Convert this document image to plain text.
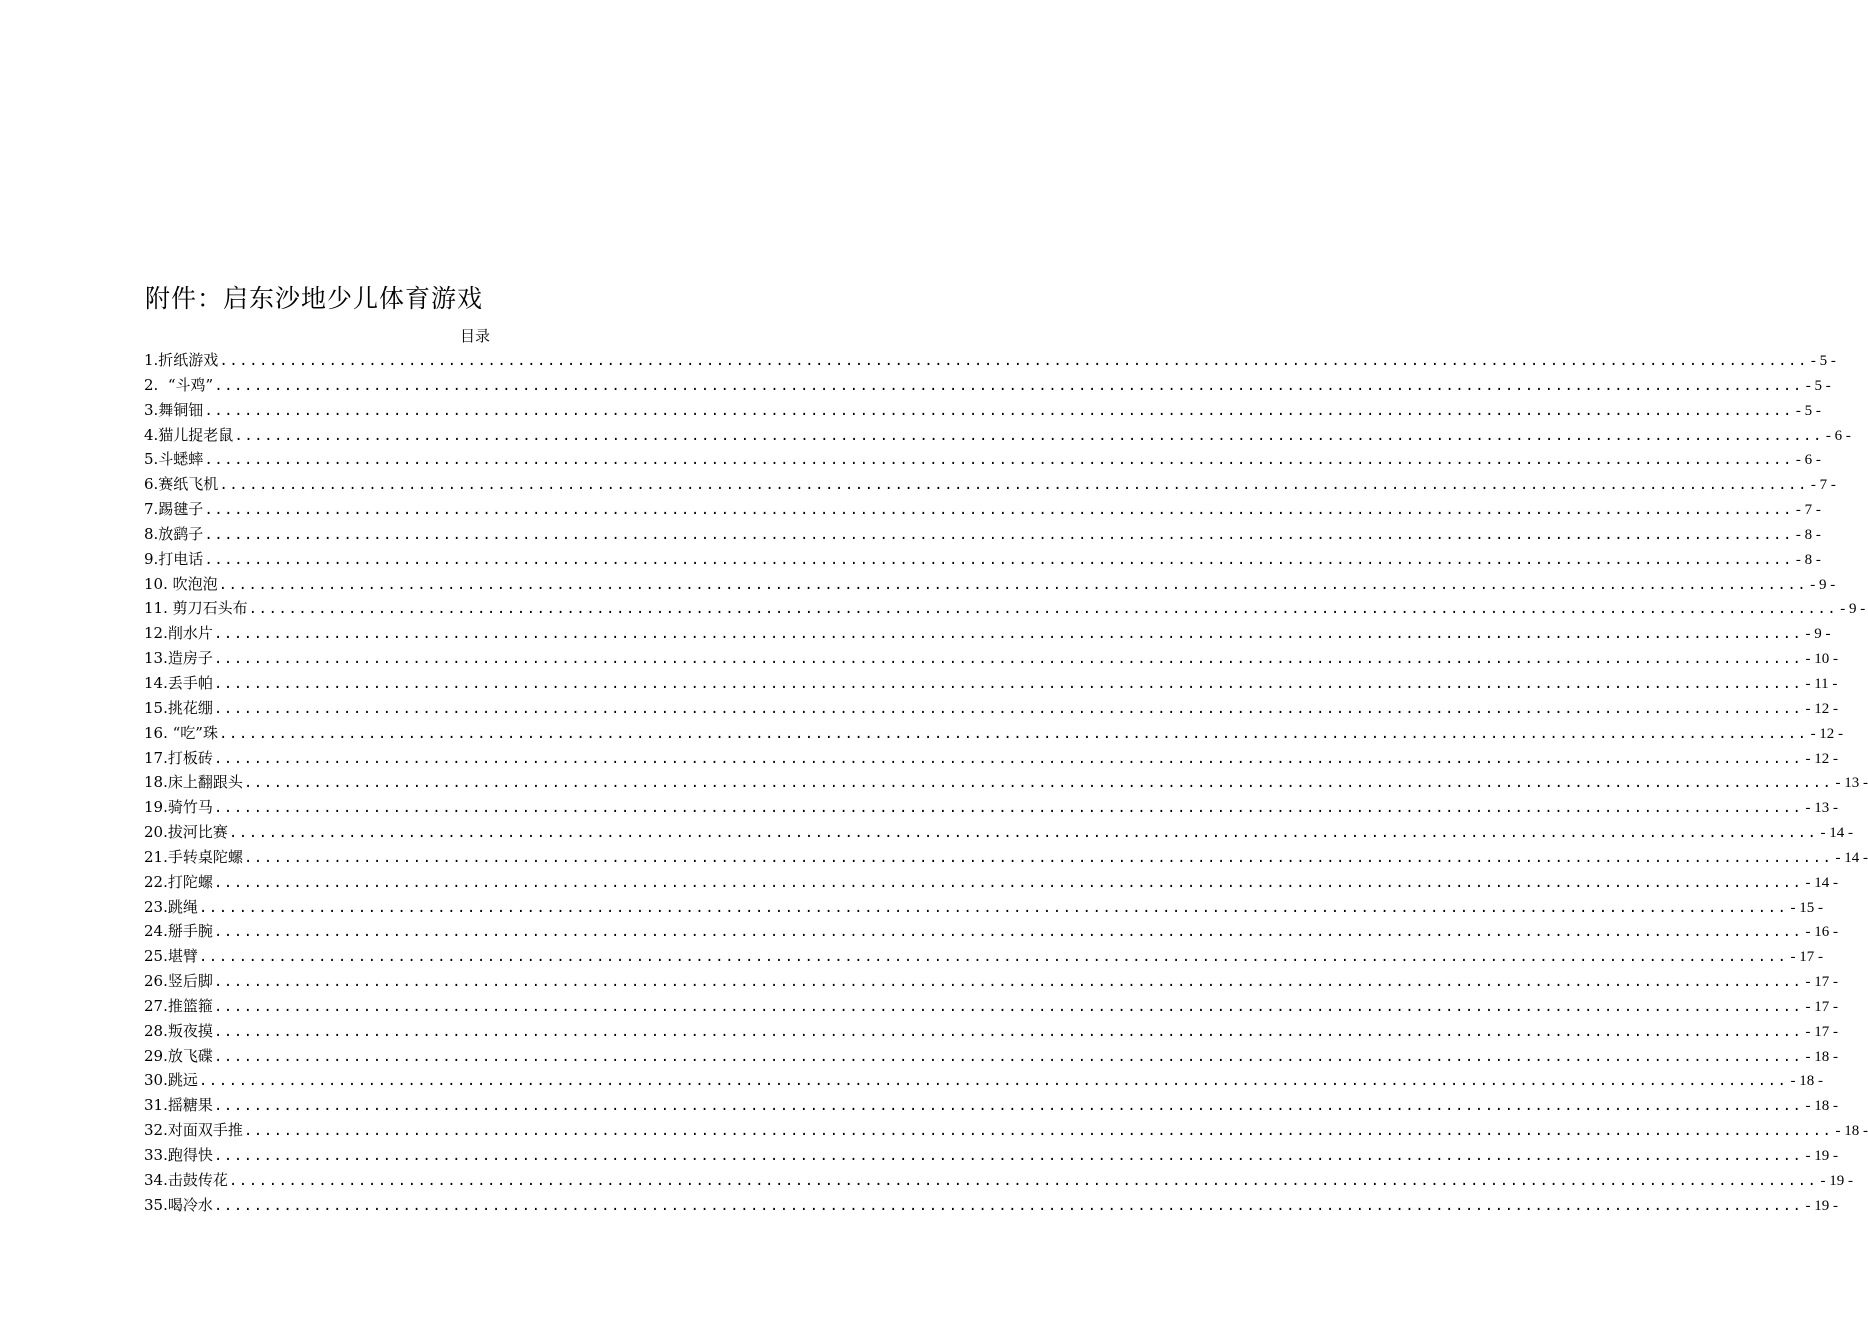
附件：启东沙地少儿体育游戏
目录
1.折纸游戏 ................................................................................................................................................................ - 5 -
2.  “斗鸡” ................................................................................................................................................................ - 5 -
3.舞铜钿 ................................................................................................................................................................ - 5 -
4.猫儿捉老鼠 ................................................................................................................................................................ - 6 -
5.斗蟋蟀 ................................................................................................................................................................ - 6 -
6.赛纸飞机 ................................................................................................................................................................ - 7 -
7.踢毽子 ................................................................................................................................................................ - 7 -
8.放鹞子 ................................................................................................................................................................ - 8 -
9.打电话 ................................................................................................................................................................ - 8 -
10. 吹泡泡 ................................................................................................................................................................ - 9 -
11. 剪刀石头布 ................................................................................................................................................................ - 9 -
12.削水片 ................................................................................................................................................................ - 9 -
13.造房子 ................................................................................................................................................................ - 10 -
14.丢手帕 ................................................................................................................................................................ - 11 -
15.挑花绷 ................................................................................................................................................................ - 12 -
16. “吃”珠 ................................................................................................................................................................ - 12 -
17.打板砖 ................................................................................................................................................................ - 12 -
18.床上翻跟头 ................................................................................................................................................................ - 13 -
19.骑竹马 ................................................................................................................................................................ - 13 -
20.拔河比赛 ................................................................................................................................................................ - 14 -
21.手转桌陀螺 ................................................................................................................................................................ - 14 -
22.打陀螺 ................................................................................................................................................................ - 14 -
23.跳绳 ................................................................................................................................................................ - 15 -
24.掰手腕 ................................................................................................................................................................ - 16 -
25.堪臂 ................................................................................................................................................................ - 17 -
26.竖后脚 ................................................................................................................................................................ - 17 -
27.推篮箍 ................................................................................................................................................................ - 17 -
28.叛夜摸 ................................................................................................................................................................ - 17 -
29.放飞碟 ................................................................................................................................................................ - 18 -
30.跳远 ................................................................................................................................................................ - 18 -
31.摇糖果 ................................................................................................................................................................ - 18 -
32.对面双手推 ................................................................................................................................................................ - 18 -
33.跑得快 ................................................................................................................................................................ - 19 -
34.击鼓传花 ................................................................................................................................................................ - 19 -
35.喝冷水 ................................................................................................................................................................ - 19 -
